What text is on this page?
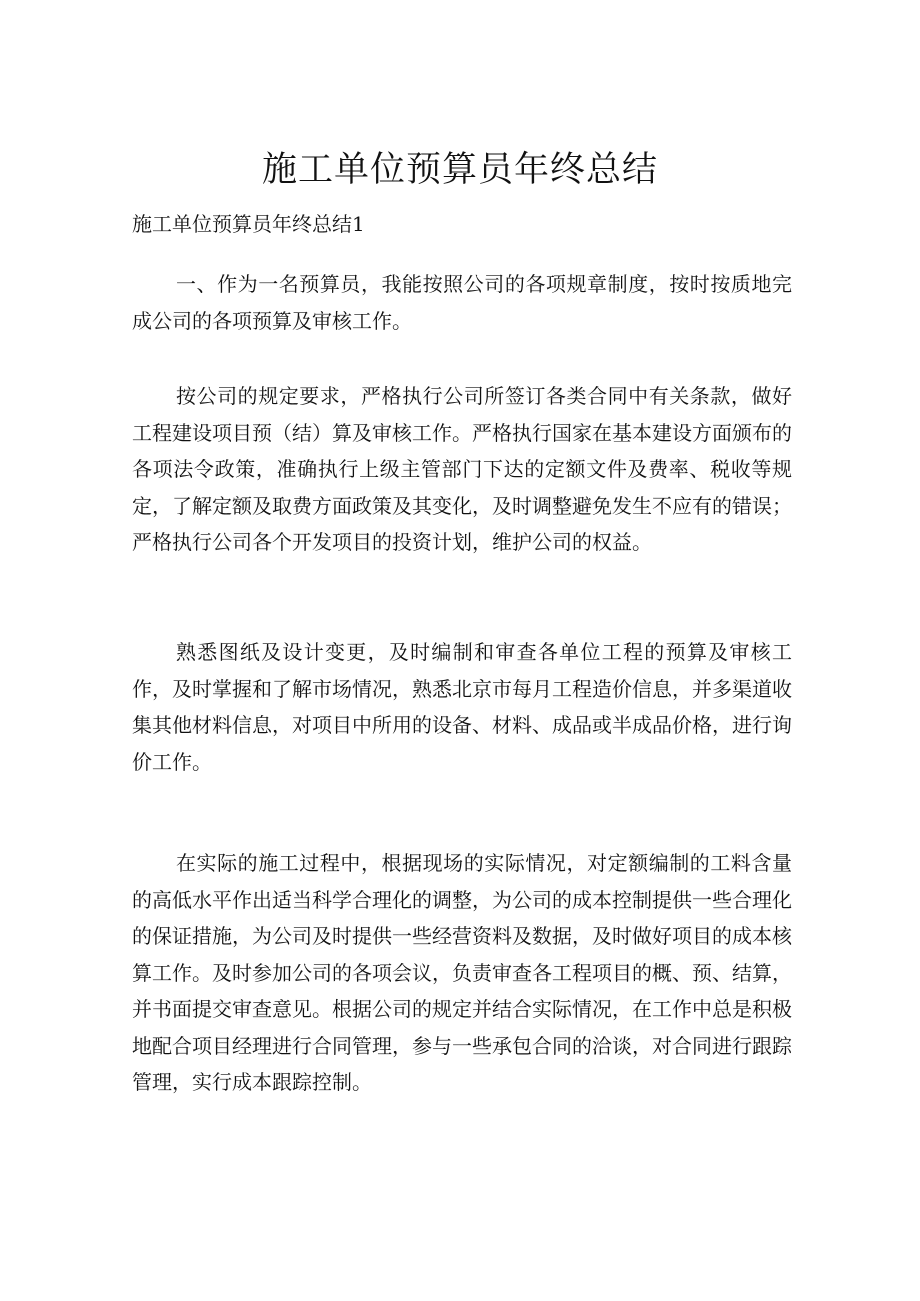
施工单位预算员年终总结

施工单位预算员年终总结1

一、作为一名预算员，我能按照公司的各项规章制度，按时按质地完成公司的各项预算及审核工作。

按公司的规定要求，严格执行公司所签订各类合同中有关条款，做好工程建设项目预（结）算及审核工作。严格执行国家在基本建设方面颁布的各项法令政策，准确执行上级主管部门下达的定额文件及费率、税收等规定，了解定额及取费方面政策及其变化，及时调整避免发生不应有的错误；严格执行公司各个开发项目的投资计划，维护公司的权益。

熟悉图纸及设计变更，及时编制和审查各单位工程的预算及审核工作，及时掌握和了解市场情况，熟悉北京市每月工程造价信息，并多渠道收集其他材料信息，对项目中所用的设备、材料、成品或半成品价格，进行询价工作。

在实际的施工过程中，根据现场的实际情况，对定额编制的工料含量的高低水平作出适当科学合理化的调整，为公司的成本控制提供一些合理化的保证措施，为公司及时提供一些经营资料及数据，及时做好项目的成本核算工作。及时参加公司的各项会议，负责审查各工程项目的概、预、结算，并书面提交审查意见。根据公司的规定并结合实际情况，在工作中总是积极地配合项目经理进行合同管理，参与一些承包合同的洽谈，对合同进行跟踪管理，实行成本跟踪控制。
